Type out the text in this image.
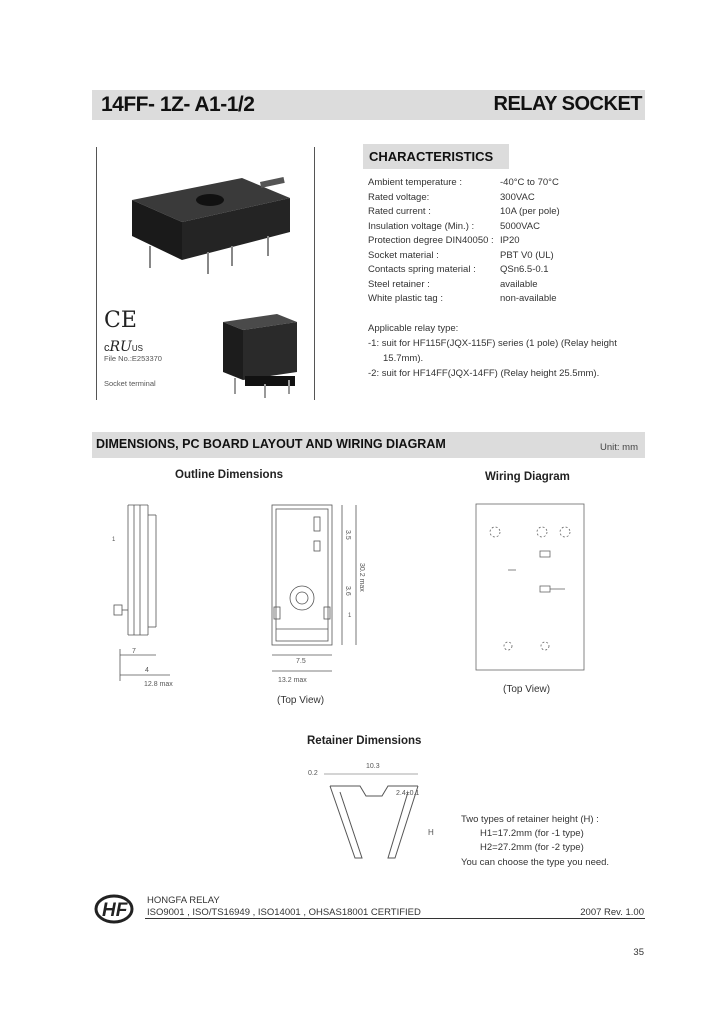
14FF- 1Z- A1-1/2	RELAY SOCKET
CE
cRUUS
File No.:E253370
Socket terminal
CHARACTERISTICS
Ambient temperature :	-40°C to 70°C
Rated voltage:	300VAC
Rated current :	10A (per pole)
Insulation voltage (Min.) :	5000VAC
Protection degree DIN40050 : IP20
Socket material :	PBT V0 (UL)
Contacts spring material :	QSn6.5-0.1
Steel retainer :	available
White plastic tag :	non-available
Applicable relay type:
-1: suit for HF115F(JQX-115F) series (1 pole) (Relay height
15.7mm).
-2: suit for HF14FF(JQX-14FF) (Relay height 25.5mm).
DIMENSIONS, PC BOARD LAYOUT AND WIRING DIAGRAM	Unit: mm
Outline Dimensions	Wiring Diagram
1
7
4
12.8 max
1
7.5
13.2 max
3.5
3.6 30.2 max
(Top View)
(Top View)
Retainer Dimensions
0.2
10.3
2.4±0.1
H
Two types of retainer height (H) :
H1=17.2mm (for -1 type)
H2=27.2mm (for -2 type)
You can choose the type you need.
HF HONGFA RELAY
ISO9001 , ISO/TS16949 , ISO14001 , OHSAS18001 CERTIFIED	2007 Rev. 1.00
35
